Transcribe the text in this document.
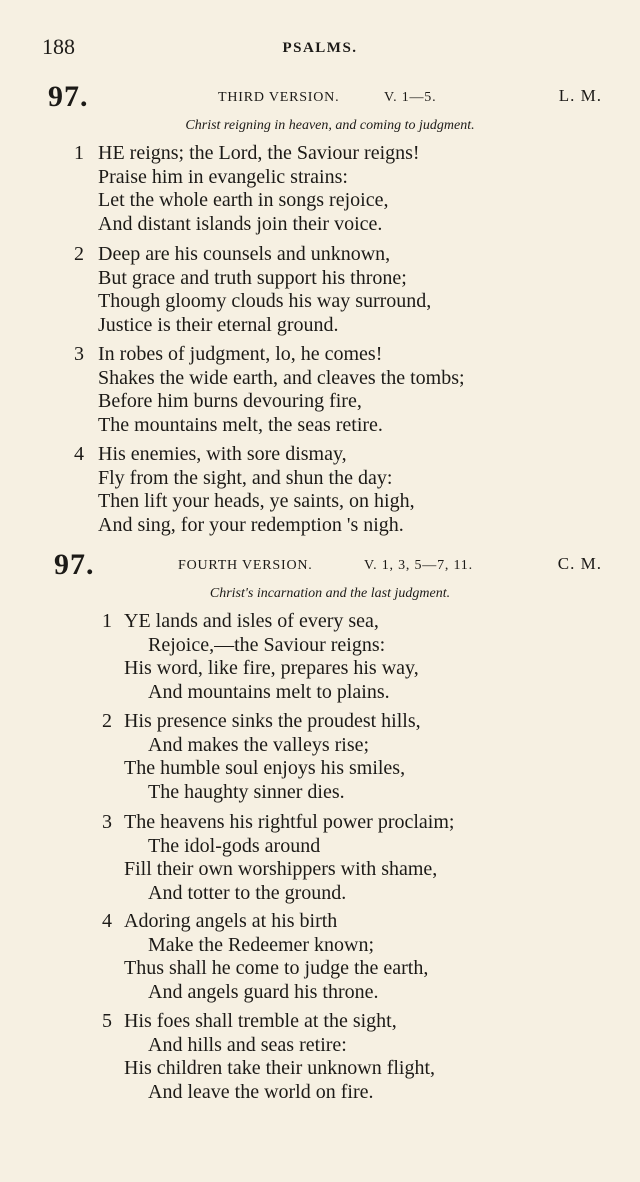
188	PSALMS.
97.	THIRD VERSION.	V. 1—5.	L. M.
Christ reigning in heaven, and coming to judgment.
1 HE reigns; the Lord, the Saviour reigns!
Praise him in evangelic strains:
Let the whole earth in songs rejoice,
And distant islands join their voice.
2 Deep are his counsels and unknown,
But grace and truth support his throne;
Though gloomy clouds his way surround,
Justice is their eternal ground.
3 In robes of judgment, lo, he comes!
Shakes the wide earth, and cleaves the tombs;
Before him burns devouring fire,
The mountains melt, the seas retire.
4 His enemies, with sore dismay,
Fly from the sight, and shun the day:
Then lift your heads, ye saints, on high,
And sing, for your redemption 's nigh.
97.	FOURTH VERSION.	V. 1, 3, 5—7, 11.	C. M.
Christ's incarnation and the last judgment.
1 YE lands and isles of every sea,
Rejoice,—the Saviour reigns:
His word, like fire, prepares his way,
And mountains melt to plains.
2 His presence sinks the proudest hills,
And makes the valleys rise;
The humble soul enjoys his smiles,
The haughty sinner dies.
3 The heavens his rightful power proclaim;
The idol-gods around
Fill their own worshippers with shame,
And totter to the ground.
4 Adoring angels at his birth
Make the Redeemer known;
Thus shall he come to judge the earth,
And angels guard his throne.
5 His foes shall tremble at the sight,
And hills and seas retire:
His children take their unknown flight,
And leave the world on fire.
